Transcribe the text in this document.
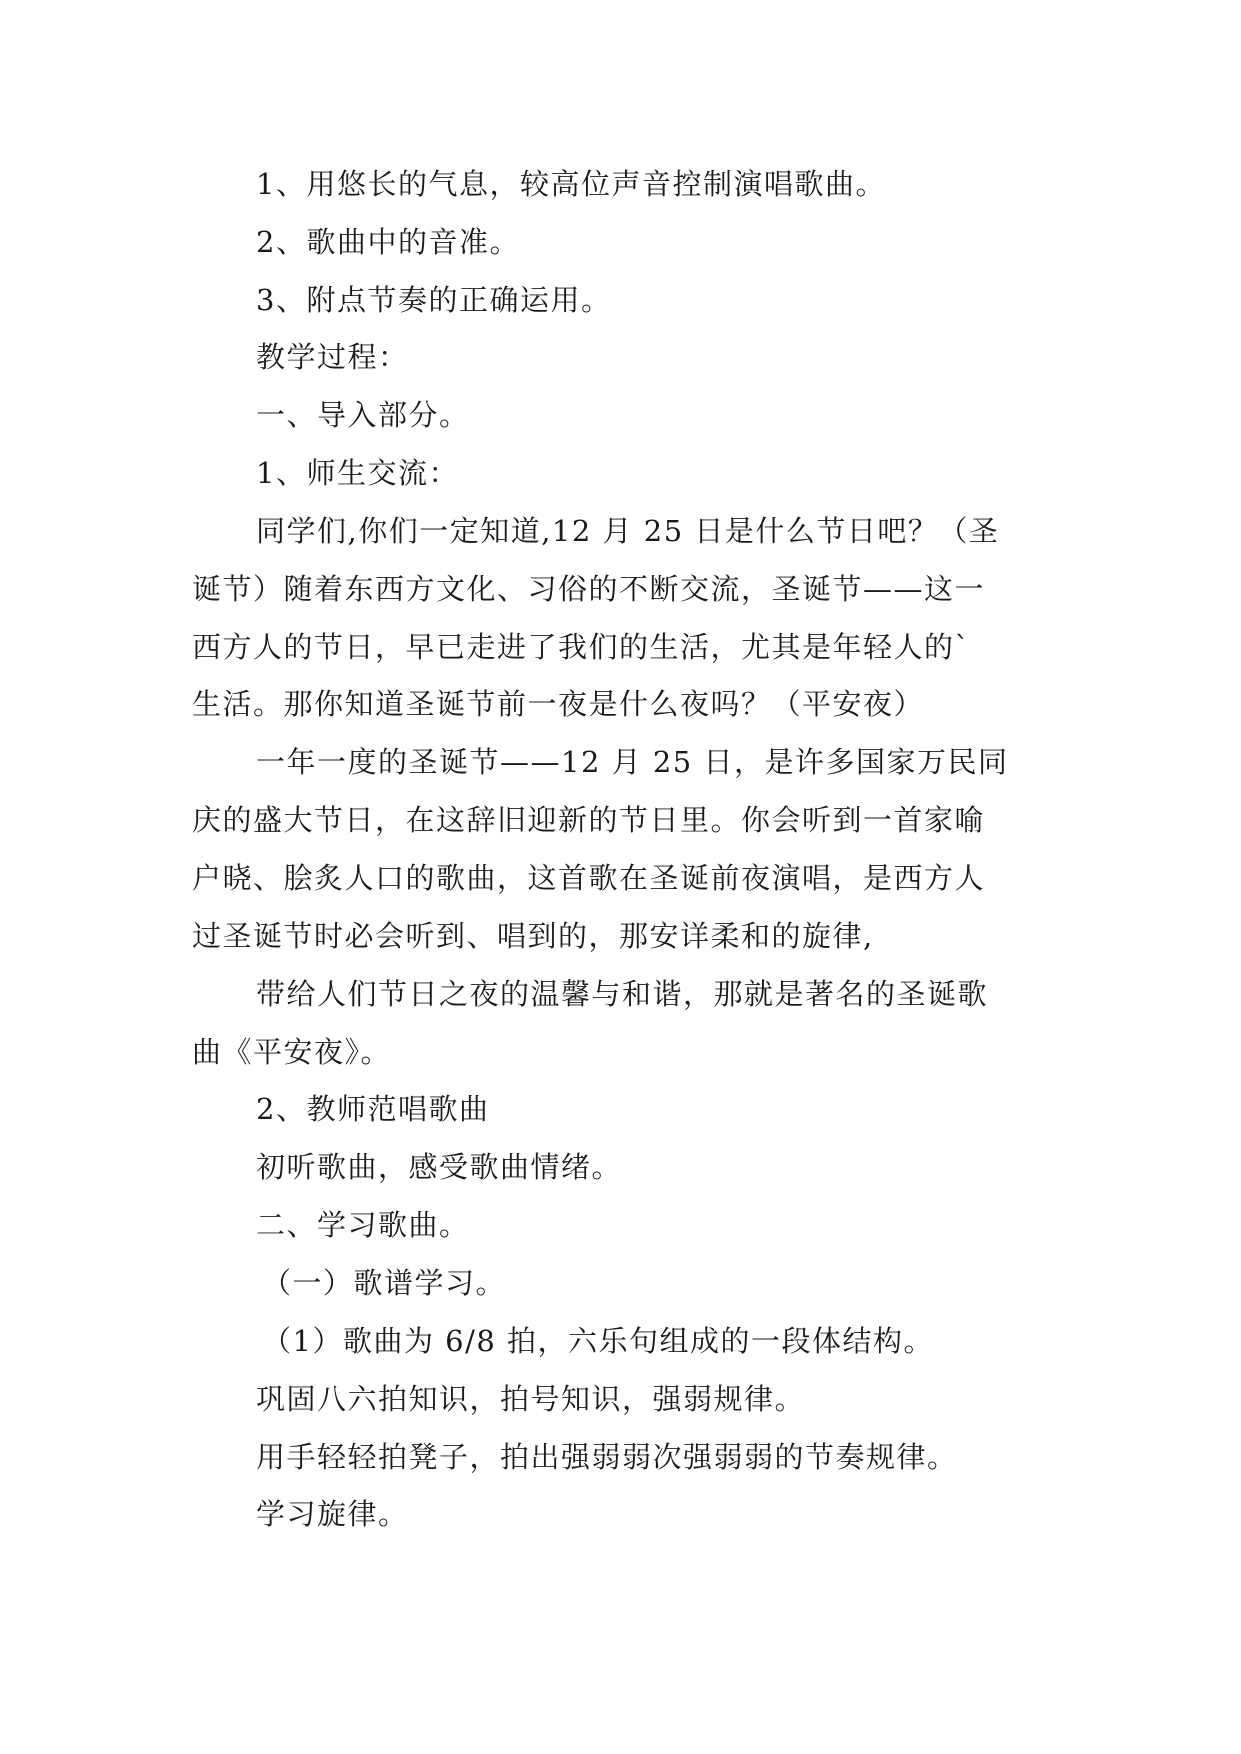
1、用悠长的气息，较高位声音控制演唱歌曲。
2、歌曲中的音准。
3、附点节奏的正确运用。
教学过程：
一、导入部分。
1、师生交流：
同学们,你们一定知道,12 月 25 日是什么节日吧？（圣
诞节）随着东西方文化、习俗的不断交流，圣诞节——这一
西方人的节日，早已走进了我们的生活，尤其是年轻人的`
生活。那你知道圣诞节前一夜是什么夜吗？（平安夜）
一年一度的圣诞节——12 月 25 日，是许多国家万民同
庆的盛大节日，在这辞旧迎新的节日里。你会听到一首家喻
户晓、脍炙人口的歌曲，这首歌在圣诞前夜演唱，是西方人
过圣诞节时必会听到、唱到的，那安详柔和的旋律,
带给人们节日之夜的温馨与和谐，那就是著名的圣诞歌
曲《平安夜》。
2、教师范唱歌曲
初听歌曲，感受歌曲情绪。
二、学习歌曲。
（一）歌谱学习。
（1）歌曲为 6/8 拍，六乐句组成的一段体结构。
巩固八六拍知识，拍号知识，强弱规律。
用手轻轻拍凳子，拍出强弱弱次强弱弱的节奏规律。
学习旋律。
